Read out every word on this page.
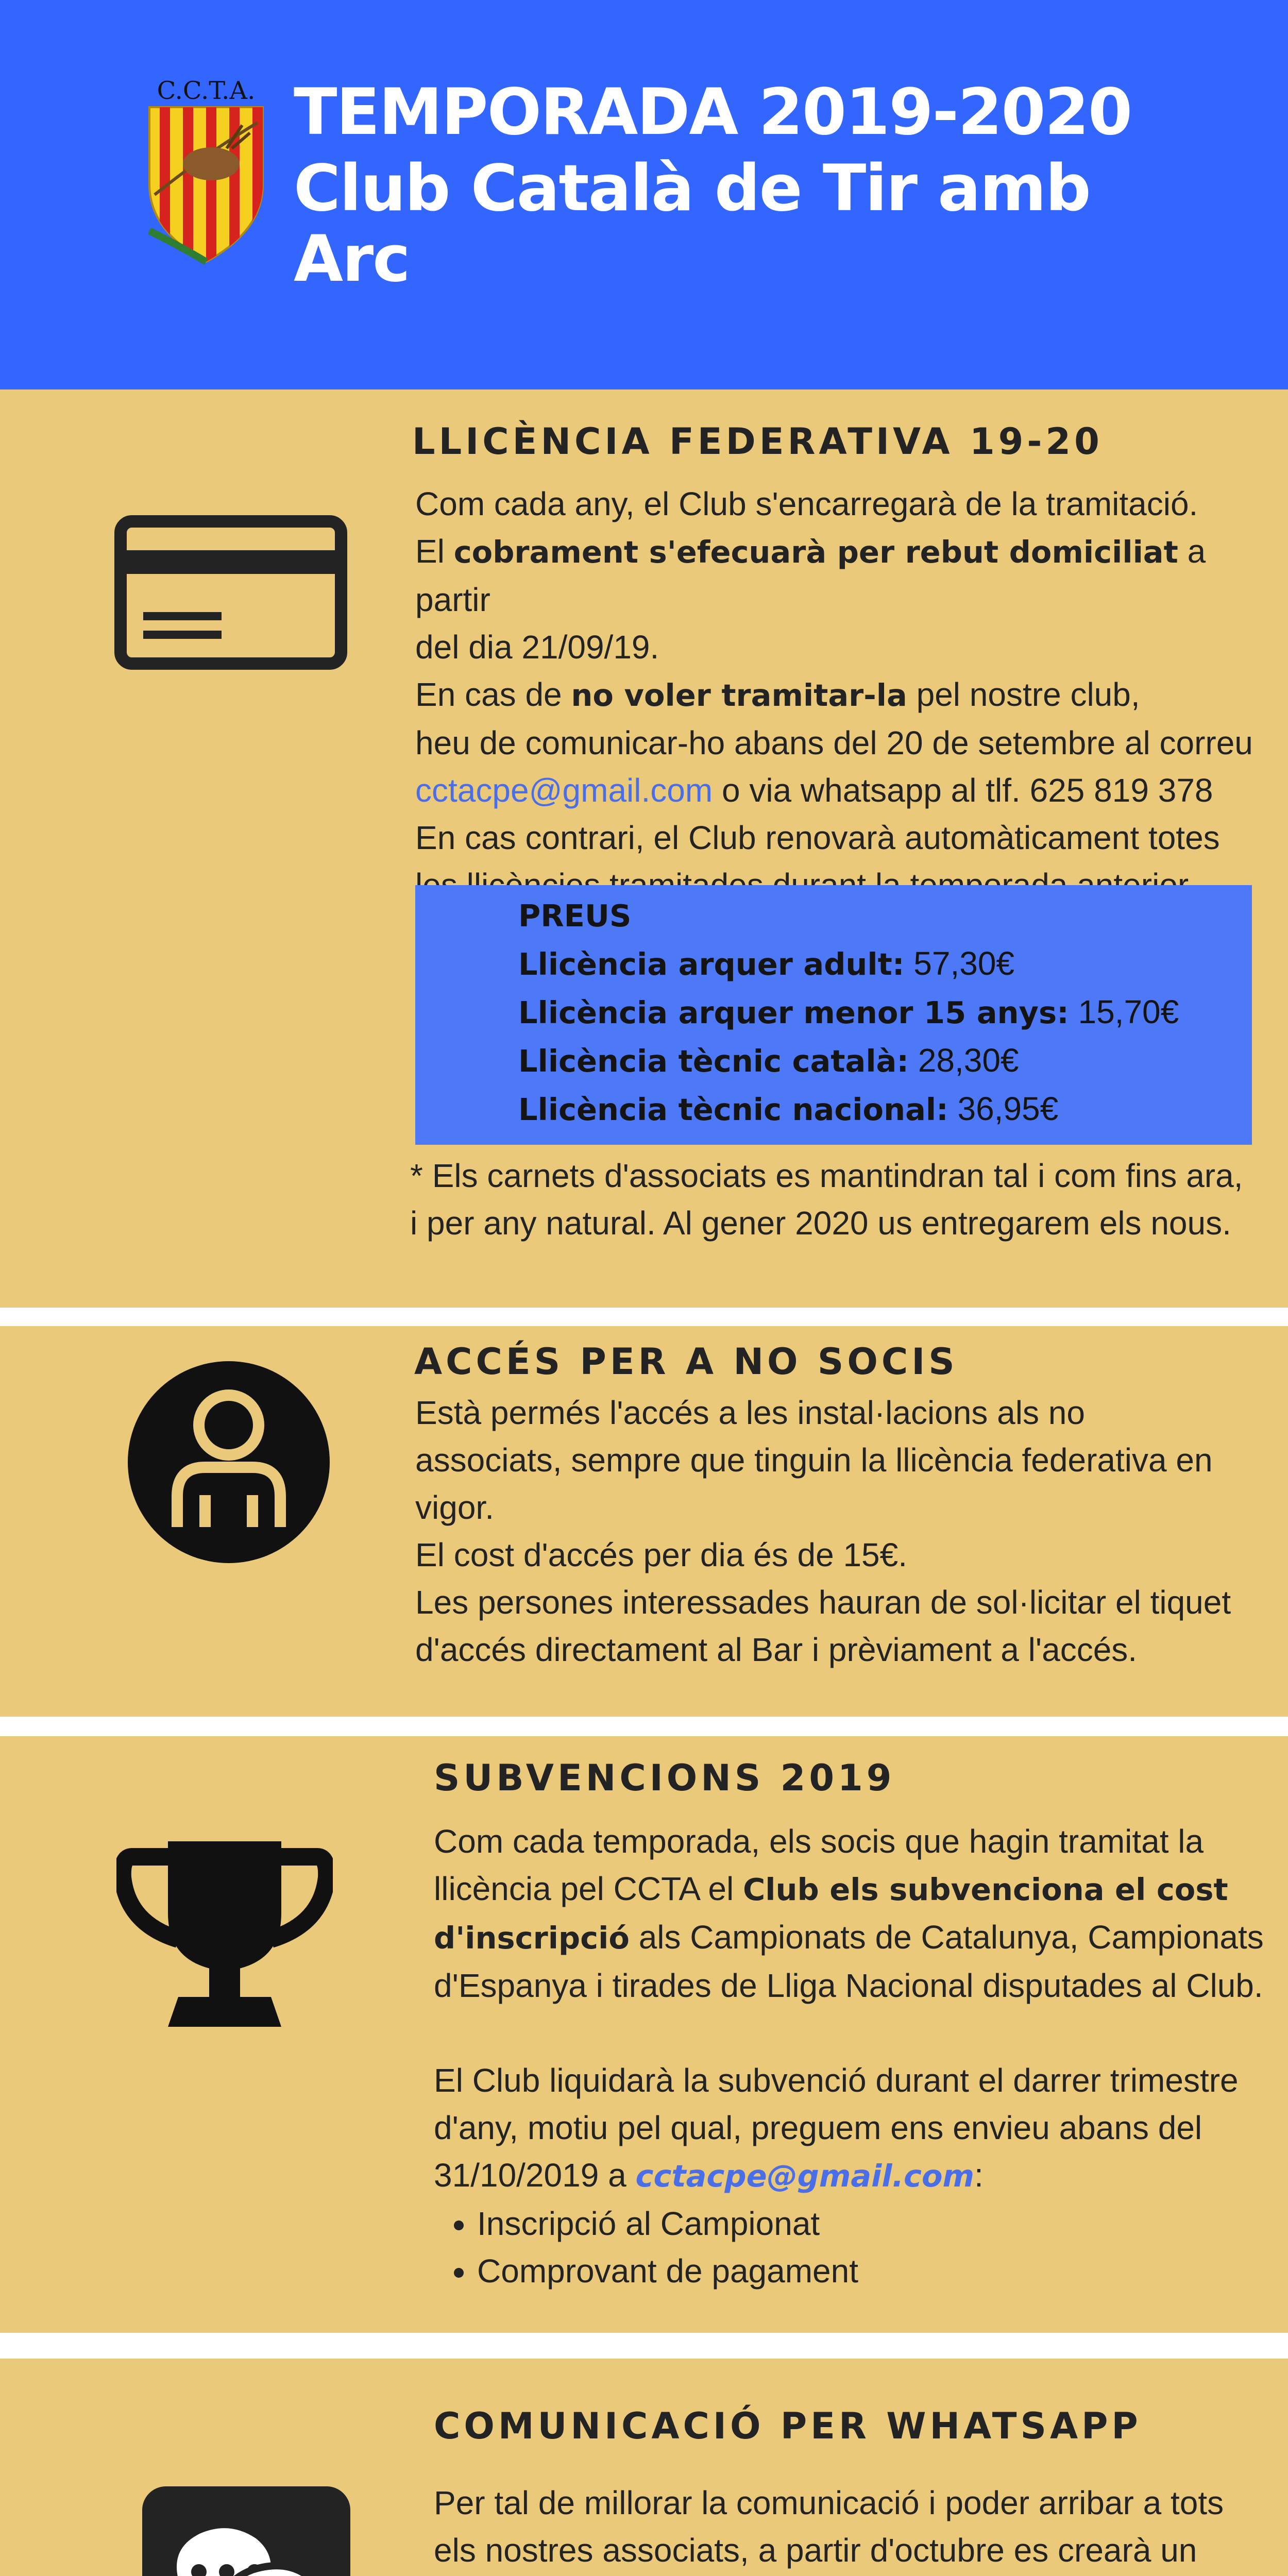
C.C.T.A. TEMPORADA 2019-2020
Club Català de Tir amb Arc
LLICÈNCIA FEDERATIVA 19-20

Com cada any, el Club s'encarregarà de la tramitació.

El cobrament s'efecuarà per rebut domiciliat a partir

del dia 21/09/19.

En cas de no voler tramitar-la pel nostre club,

heu de comunicar-ho abans del 20 de setembre al correu

cctacpe@gmail.com o via whatsapp al tlf. 625 819 378

En cas contrari, el Club renovarà automàticament totes

PREUS
Llicència arquer adult: 57,30€
Llicència arquer menor 15 anys: 15,70€
Llicència tècnic català: 28,30€
Llicència tècnic nacional: 36,95€

* Els carnets d'associats es mantindran tal i com fins ara,

i per any natural. Al gener 2020 us entregarem els nous.

ACCÉS PER A NO SOCIS

Està permés l'accés a les instal·lacions als no

associats, sempre que tinguin la llicència federativa en

vigor.

El cost d'accés per dia és de 15€.

Les persones interessades hauran de sol·licitar el tiquet

d'accés directament al Bar i prèviament a l'accés.

SUBVENCIONS 2019

Com cada temporada, els socis que hagin tramitat la

llicència pel CCTA el Club els subvenciona el cost

d'inscripció als Campionats de Catalunya, Campionats

d'Espanya i tirades de Lliga Nacional disputades al Club.

El Club liquidarà la subvenció durant el darrer trimestre

d'any, motiu pel qual, preguem ens envieu abans del

31/10/2019 a cctacpe@gmail.com:

• Inscripció al Campionat
• Comprovant de pagament
COMUNICACIÓ PER WHATSAPP

Per tal de millorar la comunicació i poder arribar a tots

els nostres associats, a partir d'octubre es crearà un
